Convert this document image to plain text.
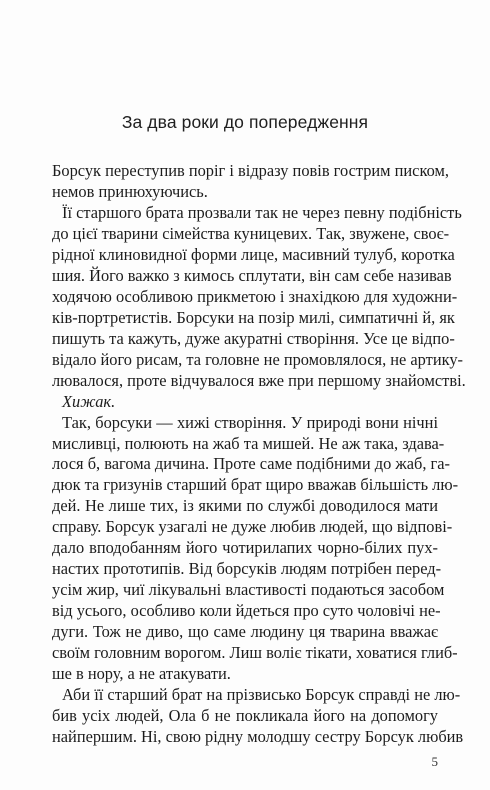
За два роки до попередження
Борсук переступив поріг і відразу повів гострим писком,
немов принюхуючись.
Її старшого брата прозвали так не через певну подібність
до цієї тварини сімейства куницевих. Так, звужене, своє-
рідної клиновидної форми лице, масивний тулуб, коротка
шия. Його важко з кимось сплутати, він сам себе називав
ходячою особливою прикметою і знахідкою для художни-
ків-портретистів. Борсуки на позір милі, симпатичні й, як
пишуть та кажуть, дуже акуратні створіння. Усе це відпо-
відало його рисам, та головне не промовлялося, не артику-
лювалося, проте відчувалося вже при першому знайомстві.
Хижак.
Так, борсуки — хижі створіння. У природі вони нічні
мисливці, полюють на жаб та мишей. Не аж така, здава-
лося б, вагома дичина. Проте саме подібними до жаб, га-
дюк та гризунів старший брат щиро вважав більшість лю-
дей. Не лише тих, із якими по службі доводилося мати
справу. Борсук узагалі не дуже любив людей, що відпові-
дало вподобанням його чотирилапих чорно-білих пух-
настих прототипів. Від борсуків людям потрібен перед-
усім жир, чиї лікувальні властивості подаються засобом
від усього, особливо коли йдеться про суто чоловічі не-
дуги. Тож не диво, що саме людину ця тварина вважає
своїм головним ворогом. Лиш воліє тікати, ховатися глиб-
ше в нору, а не атакувати.
Аби її старший брат на прізвисько Борсук справді не лю-
бив усіх людей, Ола б не покликала його на допомогу
найпершим. Ні, свою рідну молодшу сестру Борсук любив
5
